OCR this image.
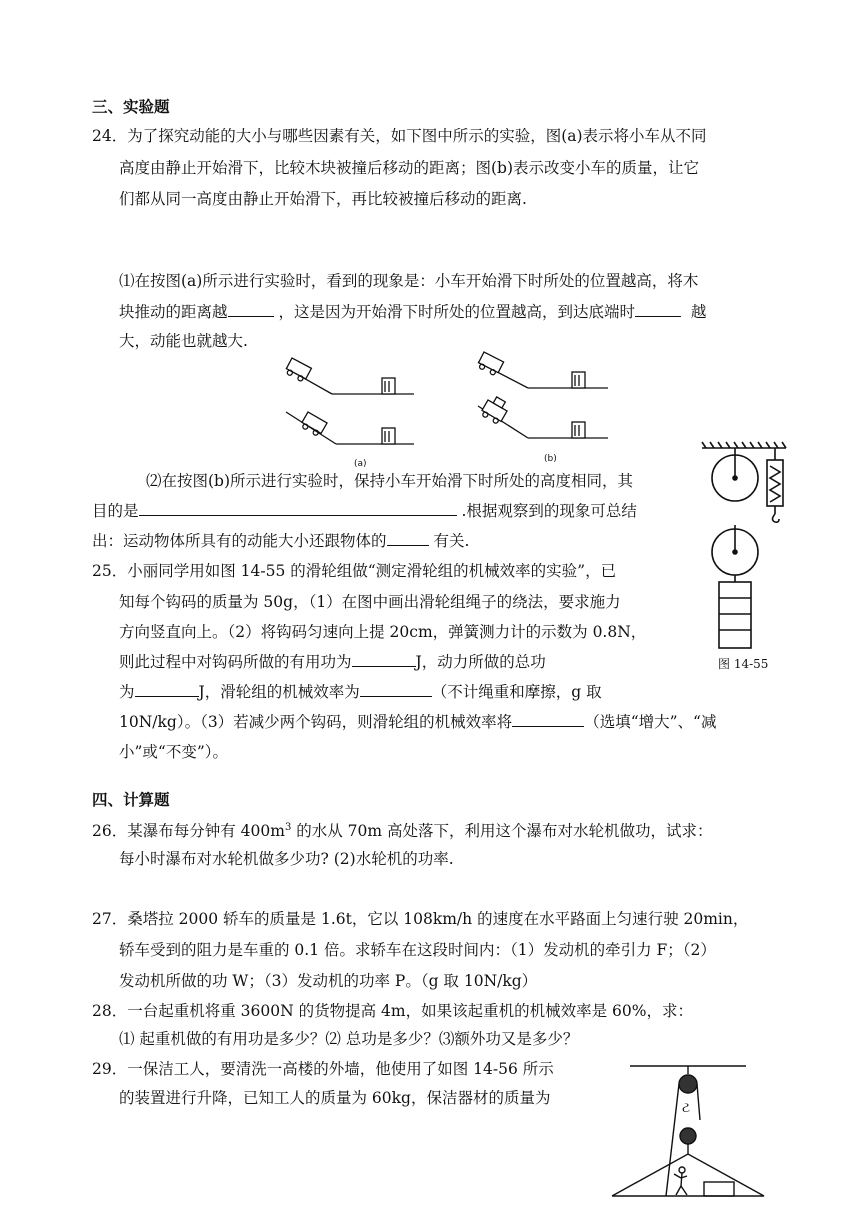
三、实验题
24．为了探究动能的大小与哪些因素有关，如下图中所示的实验，图(a)表示将小车从不同
高度由静止开始滑下，比较木块被撞后移动的距离；图(b)表示改变小车的质量，让它
们都从同一高度由静止开始滑下，再比较被撞后移动的距离.
⑴在按图(a)所示进行实验时，看到的现象是：小车开始滑下时所处的位置越高，将木
块推动的距离越	，这是因为开始滑下时所处的位置越高，到达底端时	越
大，动能也就越大.
(a)	(b)
⑵在按图(b)所示进行实验时，保持小车开始滑下时所处的高度相同，其
目的是	.根据观察到的现象可总结
出：运动物体所具有的动能大小还跟物体的	有关.
图 14-55
25．小丽同学用如图 14-55 的滑轮组做“测定滑轮组的机械效率的实验”，已
知每个钩码的质量为 50g，（1）在图中画出滑轮组绳子的绕法，要求施力
方向竖直向上。（2）将钩码匀速向上提 20cm，弹簧测力计的示数为 0.8N，
则此过程中对钩码所做的有用功为	J，动力所做的总功
为	J，滑轮组的机械效率为	（不计绳重和摩擦，g 取
10N/kg）。（3）若减少两个钩码，则滑轮组的机械效率将	（选填“增大”、“减
小”或“不变”）。
四、计算题
26．某瀑布每分钟有 $400m^3$ 的水从 70m 高处落下，利用这个瀑布对水轮机做功，试求：
每小时瀑布对水轮机做多少功? (2)水轮机的功率.
27．桑塔拉 2000 轿车的质量是 1.6t，它以 108km/h 的速度在水平路面上匀速行驶 20min，
轿车受到的阻力是车重的 0.1 倍。求轿车在这段时间内：（1）发动机的牵引力 F；（2）
发动机所做的功 W；（3）发动机的功率 P。（g 取 10N/kg）
28．一台起重机将重 3600N 的货物提高 4m，如果该起重机的机械效率是 60%，求：
⑴ 起重机做的有用功是多少？⑵ 总功是多少？⑶额外功又是多少？
29．一保洁工人，要清洗一高楼的外墙，他使用了如图 14-56 所示
的装置进行升降，已知工人的质量为 60kg，保洁器材的质量为
ટ
